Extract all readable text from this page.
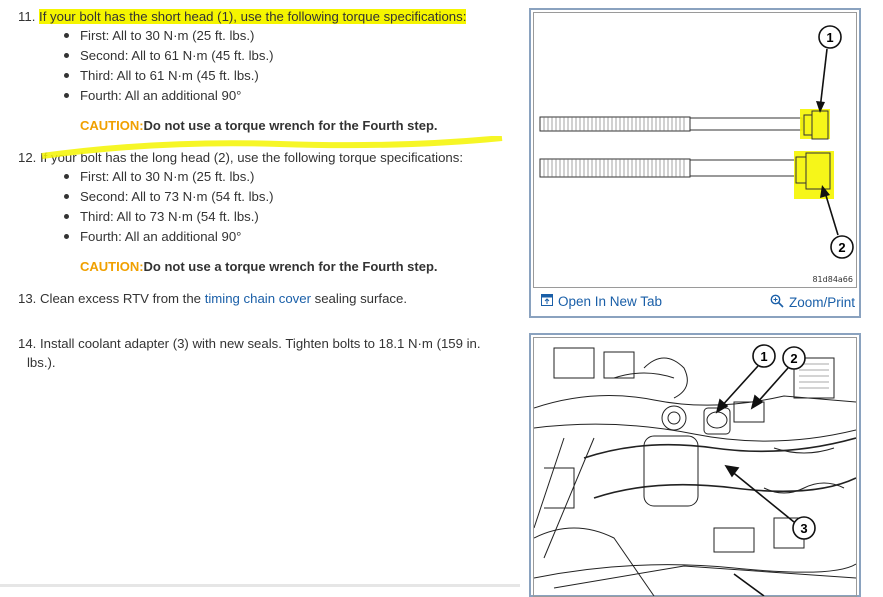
11. If your bolt has the short head (1), use the following torque specifications:
First: All to 30 N·m (25 ft. lbs.)
Second: All to 61 N·m (45 ft. lbs.)
Third: All to 61 N·m (45 ft. lbs.)
Fourth: All an additional 90°
CAUTION:Do not use a torque wrench for the Fourth step.
12. If your bolt has the long head (2), use the following torque specifications:
First: All to 30 N·m (25 ft. lbs.)
Second: All to 73 N·m (54 ft. lbs.)
Third: All to 73 N·m (54 ft. lbs.)
Fourth: All an additional 90°
CAUTION:Do not use a torque wrench for the Fourth step.
13. Clean excess RTV from the timing chain cover sealing surface.
14. Install coolant adapter (3) with new seals. Tighten bolts to 18.1 N·m (159 in.
lbs.).
1
2
81d84a66
Open In New Tab	Zoom/Print
1 2
3
